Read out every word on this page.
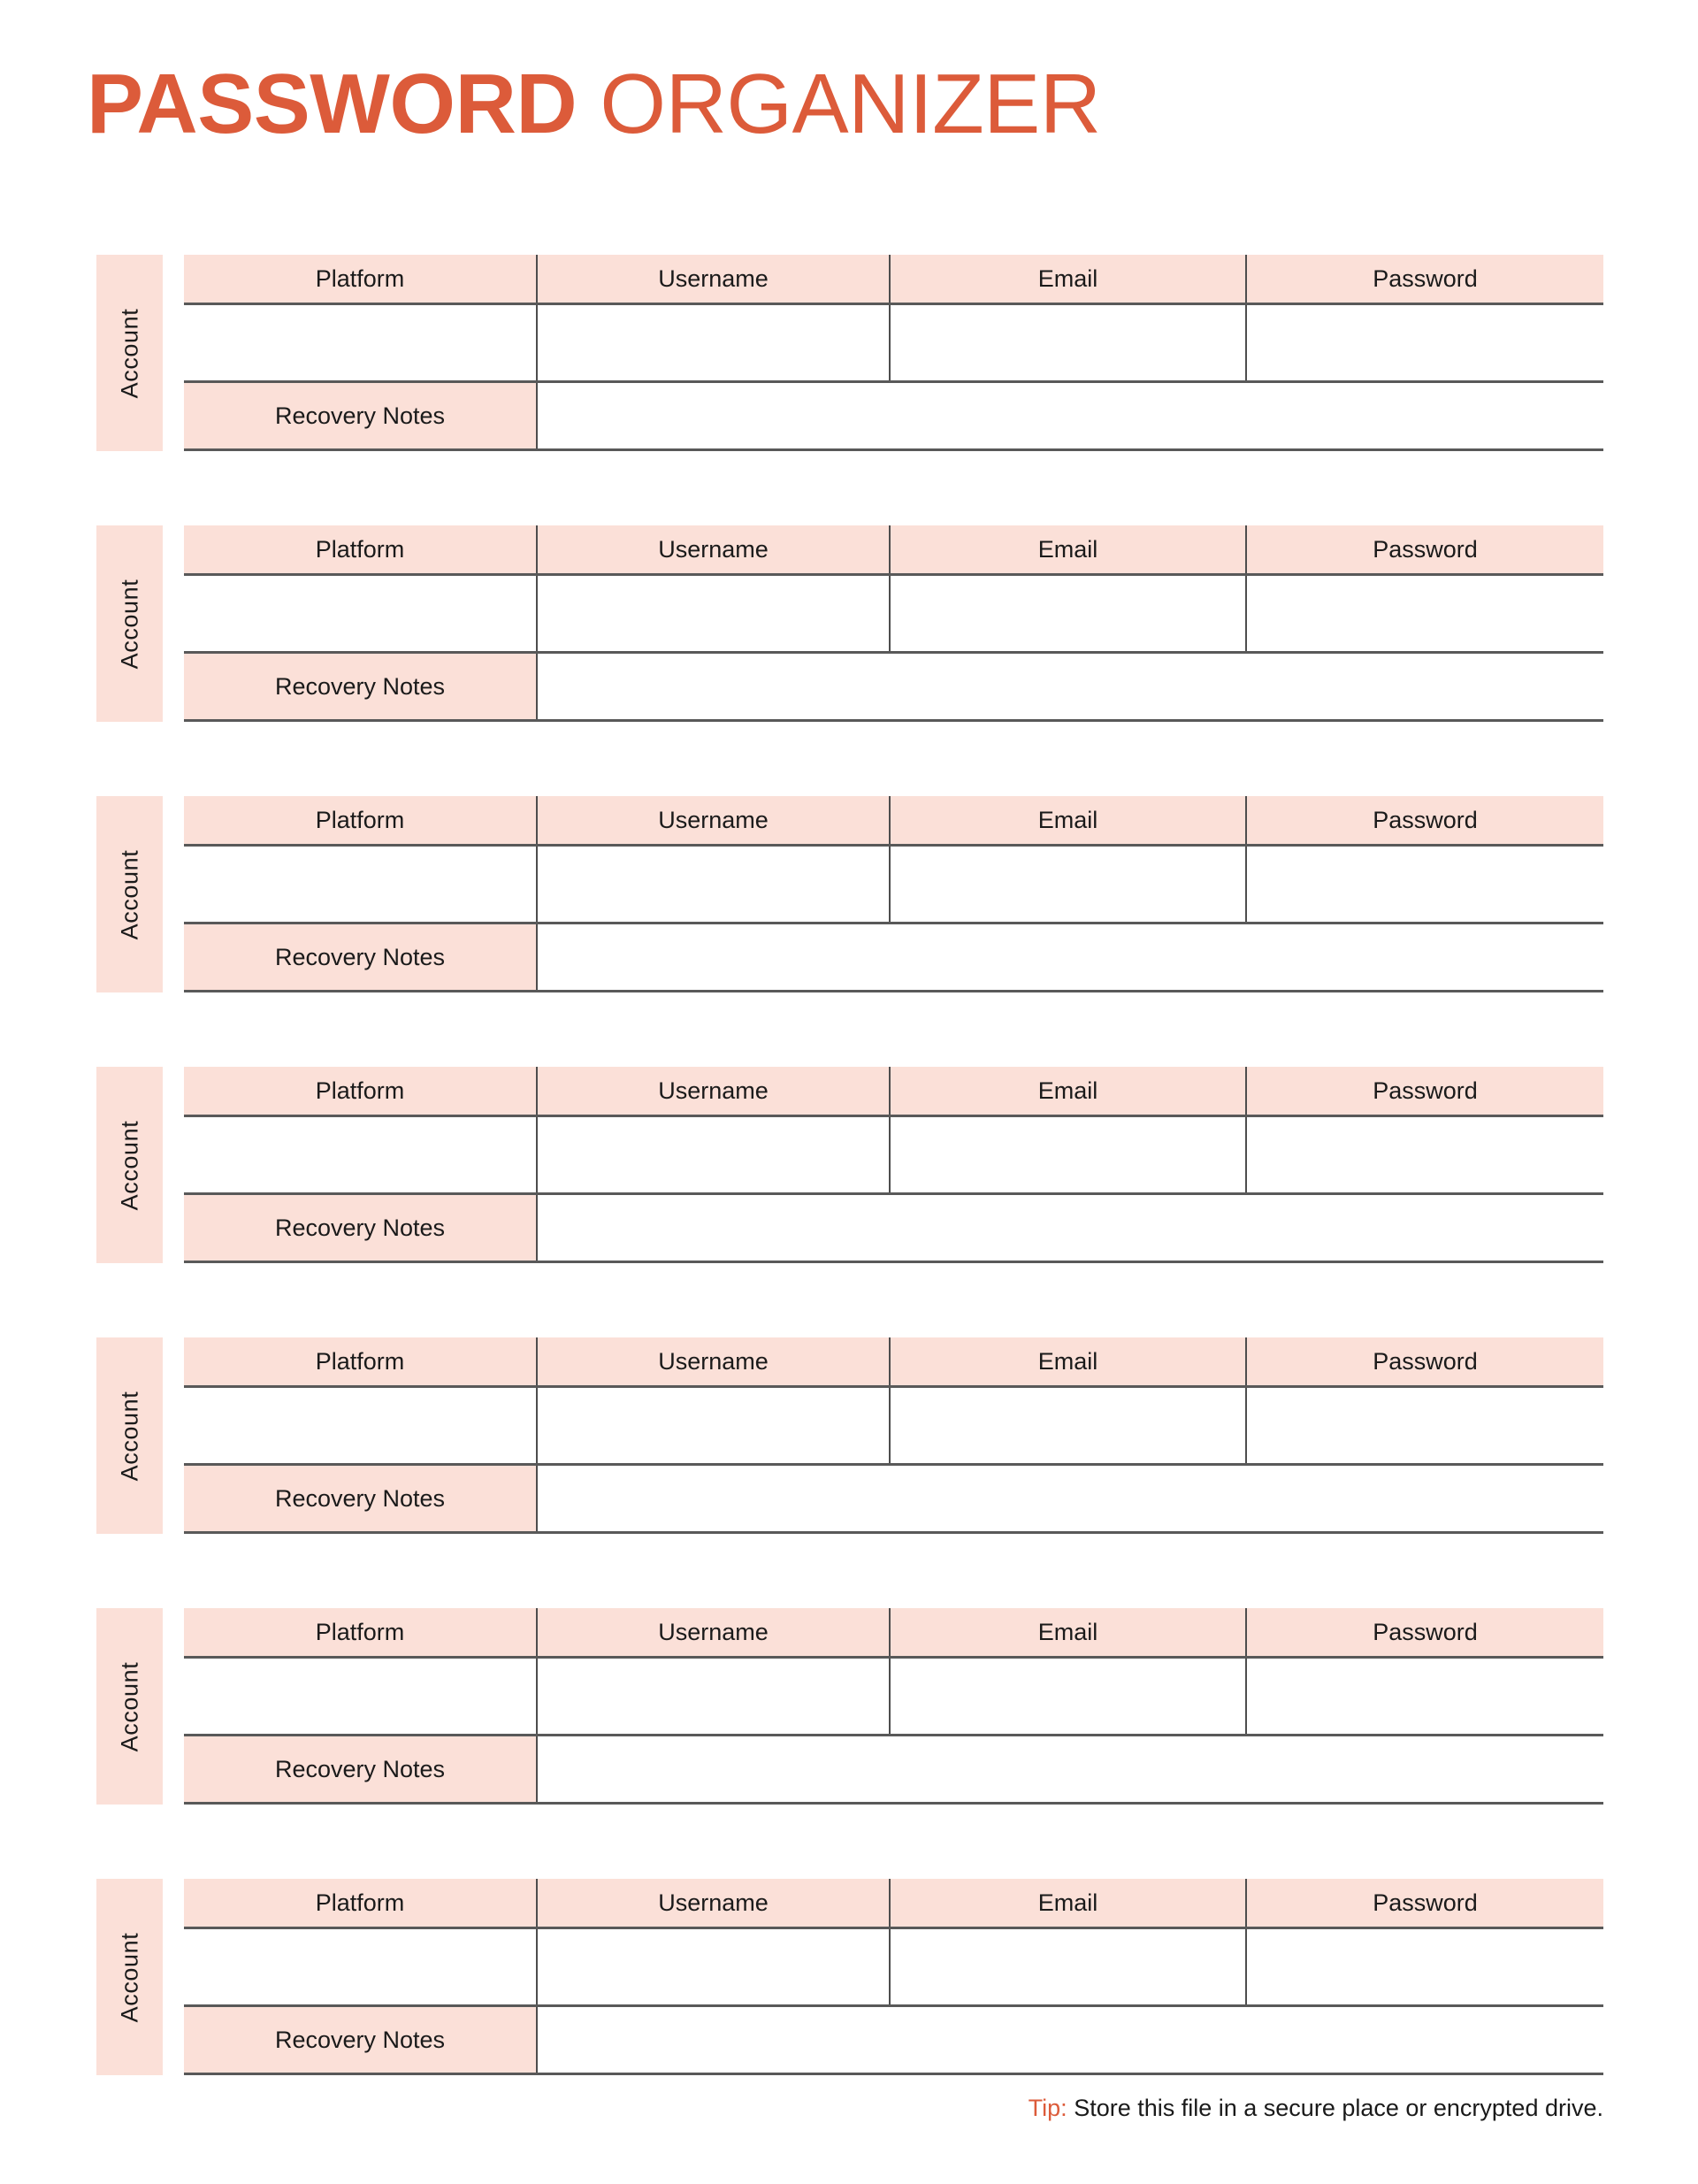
PASSWORD ORGANIZER
Account
Platform	Username	Email	Password
Recovery Notes
Account
Platform	Username	Email	Password
Recovery Notes
Account
Platform	Username	Email	Password
Recovery Notes
Account
Platform	Username	Email	Password
Recovery Notes
Account
Platform	Username	Email	Password
Recovery Notes
Account
Platform	Username	Email	Password
Recovery Notes
Account
Platform	Username	Email	Password
Recovery Notes
Tip: Store this file in a secure place or encrypted drive.
